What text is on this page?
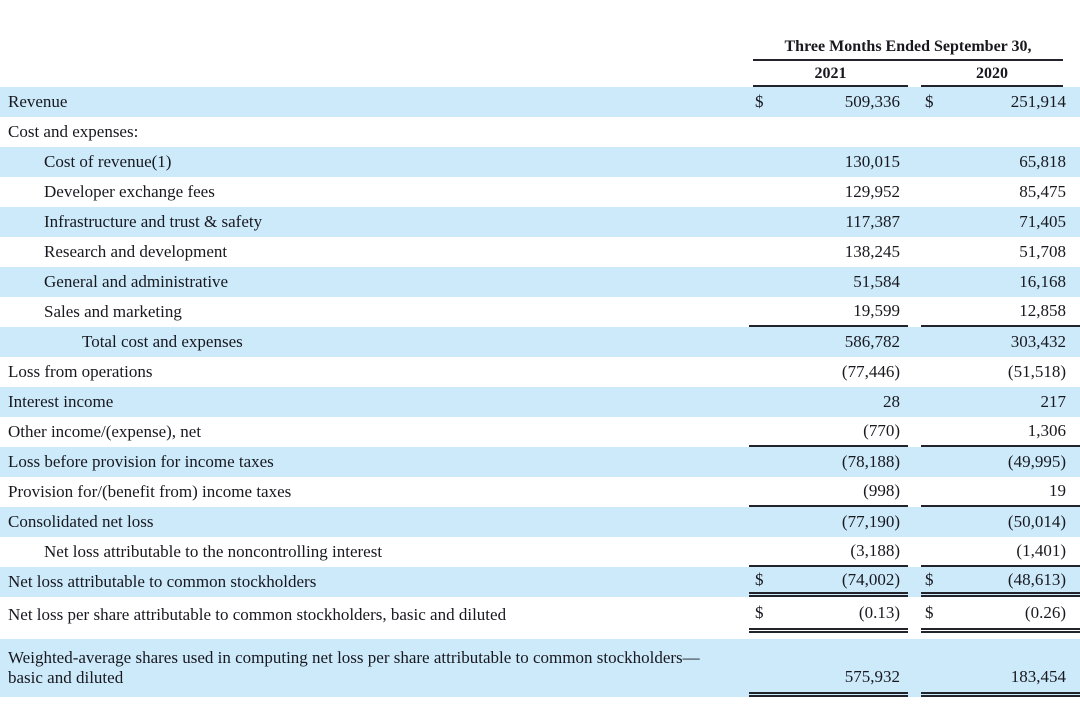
Three Months Ended September 30,
2021	2020
Revenue	$	509,336 $	251,914
Cost and expenses:
Cost of revenue(1)	130,015	65,818
Developer exchange fees	129,952	85,475
Infrastructure and trust & safety	117,387	71,405
Research and development	138,245	51,708
General and administrative	51,584	16,168
Sales and marketing	19,599	12,858
Total cost and expenses	586,782	303,432
Loss from operations	(77,446)	(51,518)
Interest income	28	217
Other income/(expense), net	(770)	1,306
Loss before provision for income taxes	(78,188)	(49,995)
Provision for/(benefit from) income taxes	(998)	19
Consolidated net loss	(77,190)	(50,014)
Net loss attributable to the noncontrolling interest	(3,188)	(1,401)
Net loss attributable to common stockholders	$	(74,002) $	(48,613)
Net loss per share attributable to common stockholders, basic and diluted	$	(0.13) $	(0.26)
Weighted-average shares used in computing net loss per share attributable to common stockholders—basic and diluted	575,932	183,454
